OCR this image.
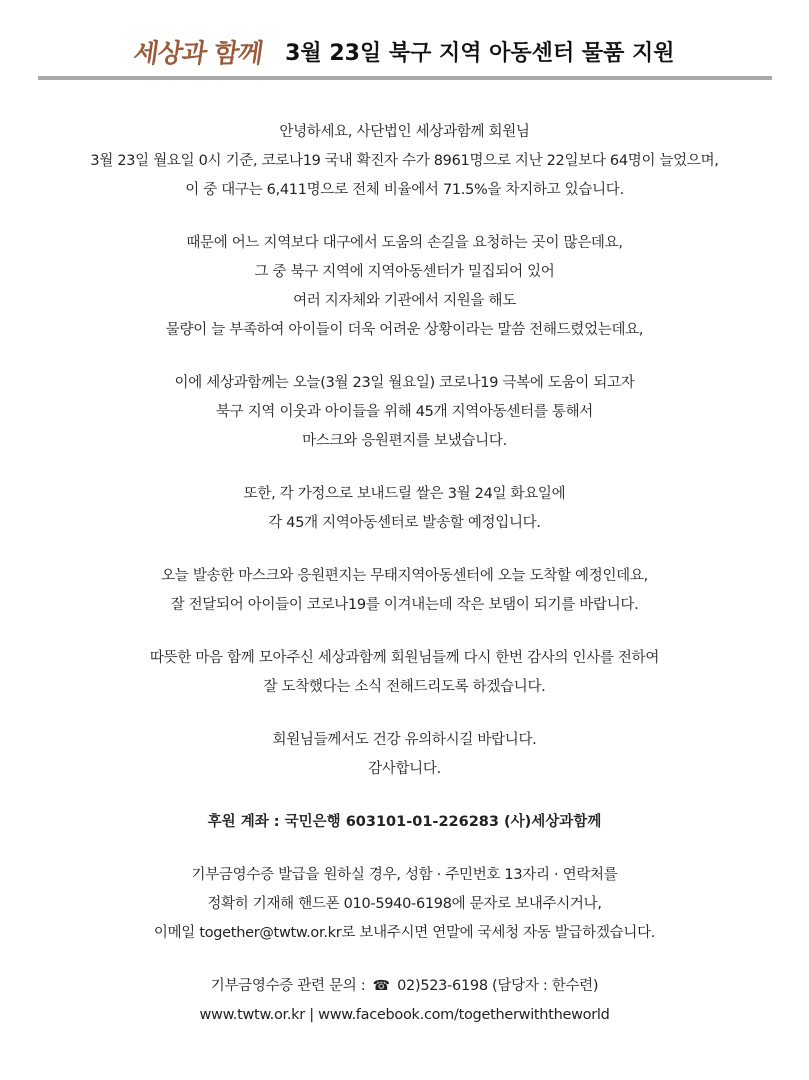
세상과 함께 3월 23일 북구 지역 아동센터 물품 지원
안녕하세요, 사단법인 세상과함께 회원님
3월 23일 월요일 0시 기준, 코로나19 국내 확진자 수가 8961명으로 지난 22일보다 64명이 늘었으며,
이 중 대구는 6,411명으로 전체 비율에서 71.5%을 차지하고 있습니다.
때문에 어느 지역보다 대구에서 도움의 손길을 요청하는 곳이 많은데요,
그 중 북구 지역에 지역아동센터가 밀집되어 있어
여러 지자체와 기관에서 지원을 해도
물량이 늘 부족하여 아이들이 더욱 어려운 상황이라는 말씀 전해드렸었는데요,
이에 세상과함께는 오늘(3월 23일 월요일) 코로나19 극복에 도움이 되고자
북구 지역 이웃과 아이들을 위해 45개 지역아동센터를 통해서
마스크와 응원편지를 보냈습니다.
또한, 각 가정으로 보내드릴 쌀은 3월 24일 화요일에
각 45개 지역아동센터로 발송할 예정입니다.
오늘 발송한 마스크와 응원편지는 무태지역아동센터에 오늘 도착할 예정인데요,
잘 전달되어 아이들이 코로나19를 이겨내는데 작은 보탬이 되기를 바랍니다.
따뜻한 마음 함께 모아주신 세상과함께 회원님들께 다시 한번 감사의 인사를 전하여
잘 도착했다는 소식 전해드리도록 하겠습니다.
회원님들께서도 건강 유의하시길 바랍니다.
감사합니다.
후원 계좌 : 국민은행 603101-01-226283 (사)세상과함께
기부금영수증 발급을 원하실 경우, 성함 · 주민번호 13자리 · 연락처를
정확히 기재해 핸드폰 010-5940-6198에 문자로 보내주시거나,
이메일 together@twtw.or.kr로 보내주시면 연말에 국세청 자동 발급하겠습니다.
기부금영수증 관련 문의 : ☎ 02)523-6198 (담당자 : 한수련)
www.twtw.or.kr | www.facebook.com/togetherwiththeworld
